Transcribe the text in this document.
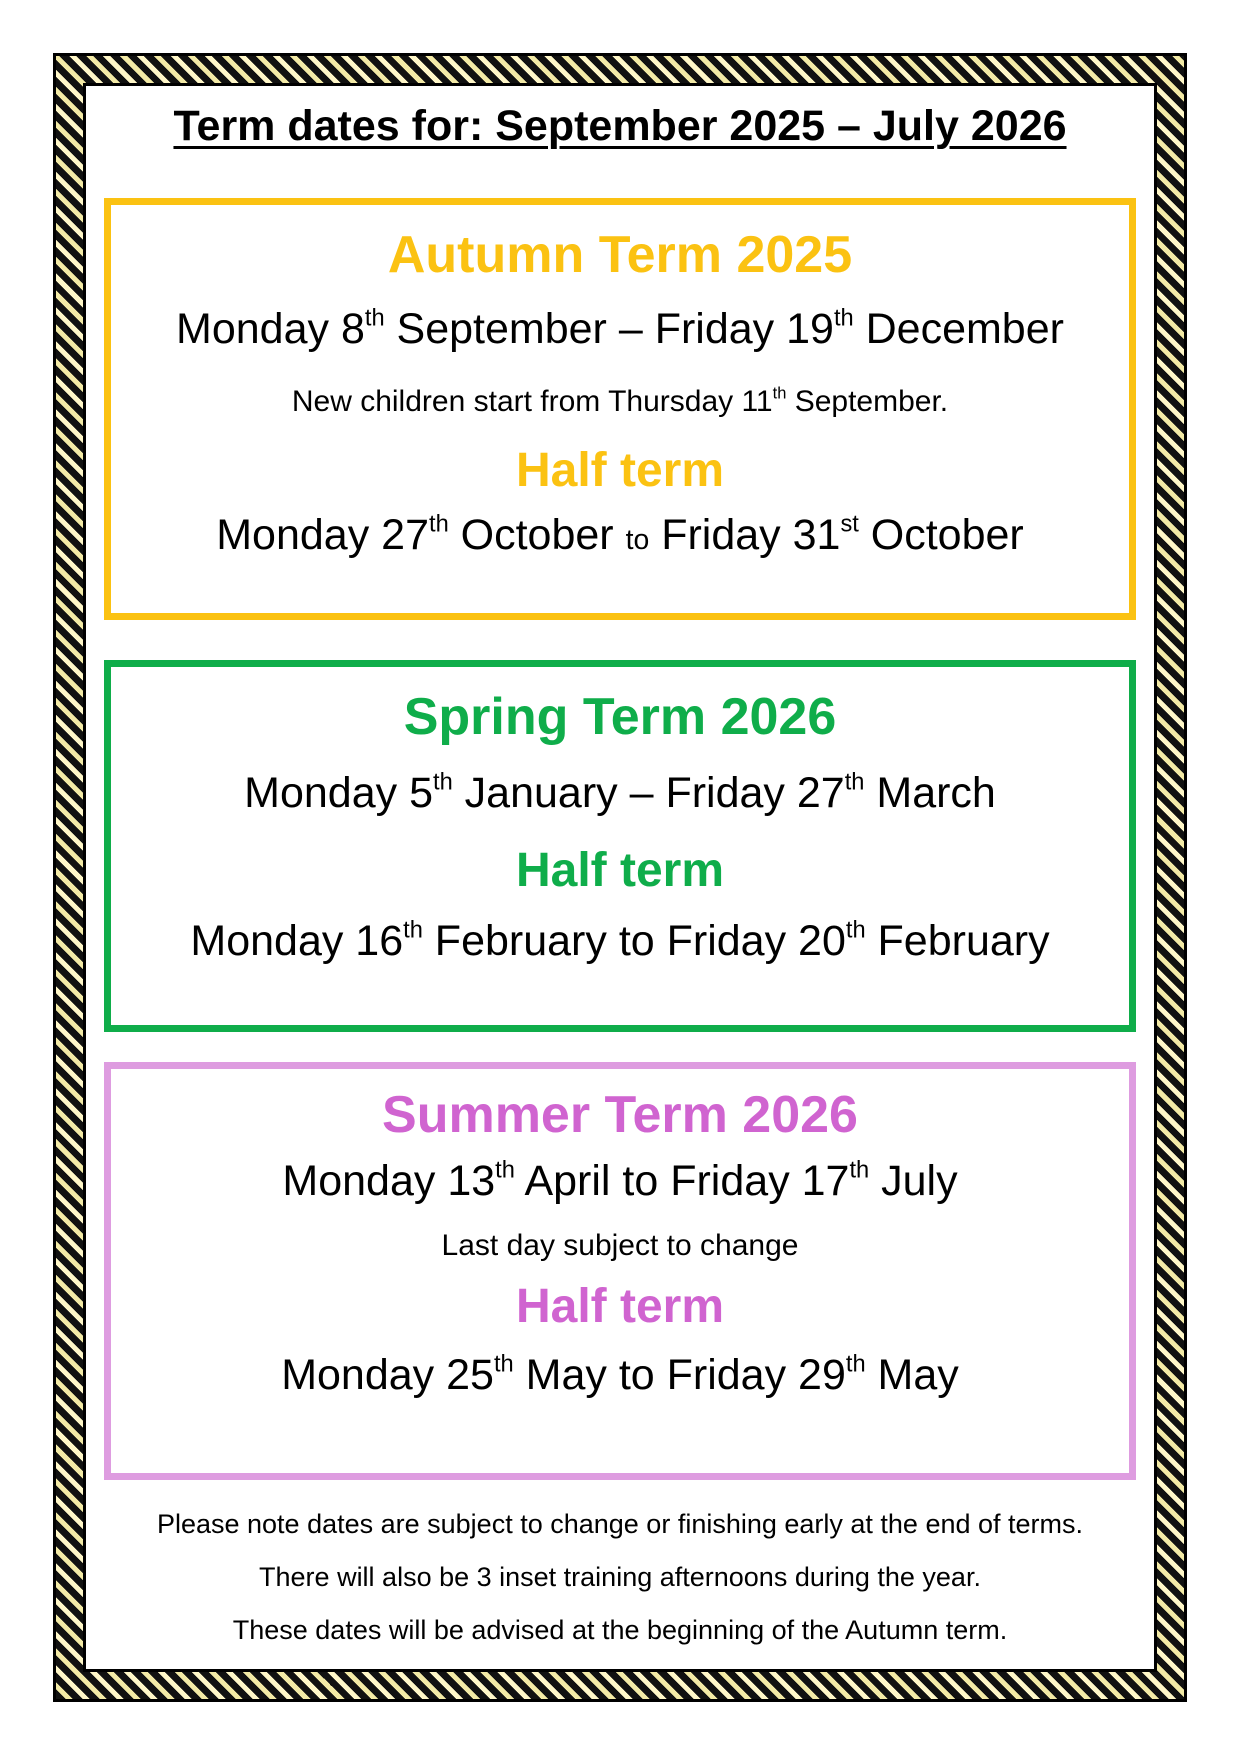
Term dates for: September 2025 – July 2026
Autumn Term 2025
Monday 8th September – Friday 19th December
New children start from Thursday 11th September.
Half term
Monday 27th October to Friday 31st October
Spring Term 2026
Monday 5th January – Friday 27th March
Half term
Monday 16th February to Friday 20th February
Summer Term 2026
Monday 13th April to Friday 17th July
Last day subject to change
Half term
Monday 25th May to Friday 29th May
Please note dates are subject to change or finishing early at the end of terms.
There will also be 3 inset training afternoons during the year.
These dates will be advised at the beginning of the Autumn term.
